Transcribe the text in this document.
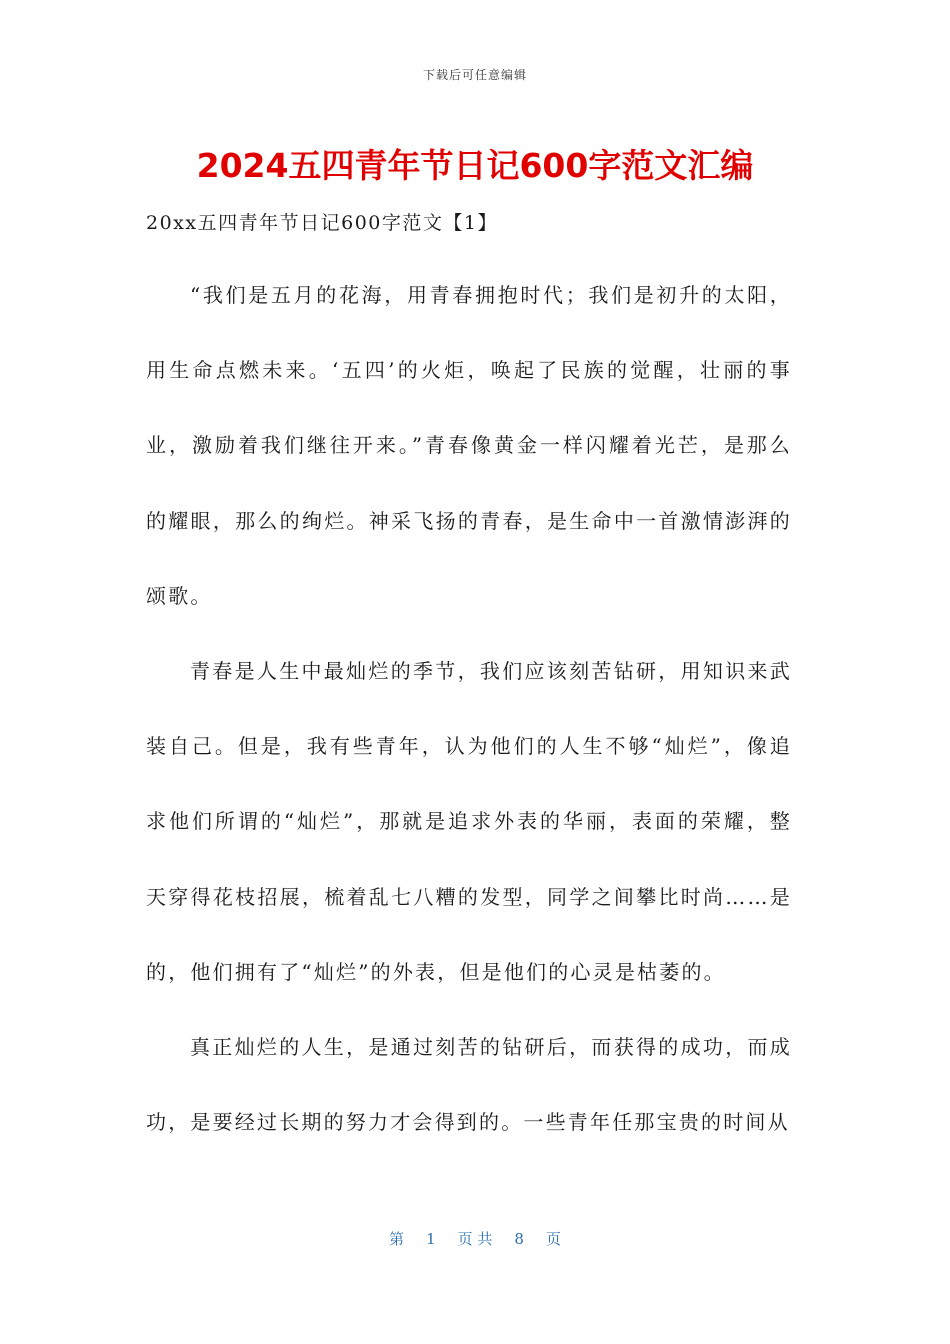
下载后可任意编辑
2024五四青年节日记600字范文汇编
20xx五四青年节日记600字范文【1】

“我们是五月的花海，用青春拥抱时代；我们是初升的太阳，用生命点燃未来。‘五四’的火炬，唤起了民族的觉醒，壮丽的事业，激励着我们继往开来。”青春像黄金一样闪耀着光芒，是那么的耀眼，那么的绚烂。神采飞扬的青春，是生命中一首激情澎湃的颂歌。

青春是人生中最灿烂的季节，我们应该刻苦钻研，用知识来武装自己。但是，我有些青年，认为他们的人生不够“灿烂”，像追求他们所谓的“灿烂”，那就是追求外表的华丽，表面的荣耀，整天穿得花枝招展，梳着乱七八糟的发型，同学之间攀比时尚……是的，他们拥有了“灿烂”的外表，但是他们的心灵是枯萎的。

真正灿烂的人生，是通过刻苦的钻研后，而获得的成功，而成功，是要经过长期的努力才会得到的。一些青年任那宝贵的时间从

第 1 页 共 8 页
